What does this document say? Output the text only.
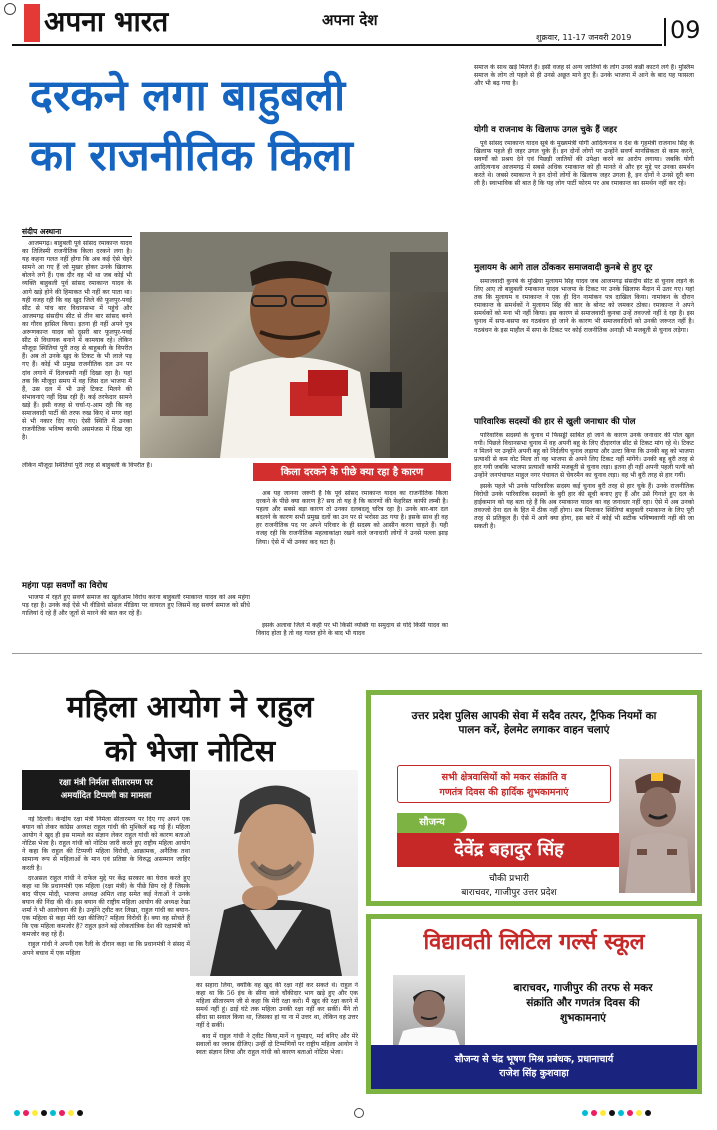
अपना भारत	अपना देश
शुक्रवार, 11-17 जनवरी 2019 09
दरकने लगा बाहुबली
का राजनीतिक किला
संदीप अस्थाना

आजमगढ़। बाहुबली पूर्व सांसद रमाकान्त यादव का तिलिस्मी राजनीतिक किला दरकने लगा है। यह कहना गलत नहीं होगा कि अब कई ऐसे चेहरे सामने आ गए हैं जो मुखर होकर उनके खिलाफ बोलने लगे हैं। एक दौर वह भी था जब कोई भी व्यक्ति बाहुबली पूर्व सांसद रमाकान्त यादव के आगे खड़े होने की हिमाकत भी नहीं कर पाता था। यही वजह रही कि वह खुद जिले की फूलपुर-पवई सीट से पांच बार विधानसभा में पहुंचे और आजमगढ़ संसदीय सीट से तीन बार सांसद बनने का गौरव हासिल किया। इतना ही नहीं अपने पुत्र अरूणकान्त यादव को दूसरी बार फूलपुर-पवई सीट से विधायक बनाने में कामयाब रहे। लेकिन मौजूदा स्थितियां पूरी तरह से बाहुबली के विपरीत हैं। अब तो उनके खुद के टिकट के भी लाले पड़ गए हैं। कोई भी प्रमुख राजनीतिक दल उन पर दांव लगाने में दिलचस्पी नहीं दिखा रहा है। यहां तक कि मौजूदा समय में वह जिस दल भाजपा में हैं, उस दल में भी उन्हें टिकट मिलने की संभावनाएं नहीं दिख रही हैं। कई तरफेदार सामने खड़े हैं। इसी वजह से चर्चा-ए-आम रही कि वह समाजवादी पार्टी की तरफ रुख किए थे मगर वहां से भी नकार दिए गए। ऐसी स्थिति में उनका राजनीतिक भविष्य काफी असमंजस में दिख रहा है।

लेकिन मौजूदा स्थितियां पूरी तरह से बाहुबली के विपरीत हैं।

किला दरकने के पीछे क्या रहा है कारण

अब यह जानना जरूरी है कि पूर्व सांसद रमाकान्त यादव का राजनीतिक किला दरकने के पीछे क्या कारण है? सच तो यह है कि कारणों की फेहरिस्त काफी लम्बी है। पहला और सबसे बड़ा कारण तो उनका दलबदलू चरित्र रहा है। उनके बार-बार दल बदलने के कारण सभी प्रमुख दलों का उन पर से भरोसा उठ गया है। इसके साथ ही वह हर राजनीतिक पद पर अपने परिवार के ही सदस्य को आसीन करना चाहते हैं। यही वजह रही कि राजनीतिक महत्वाकांक्षा रखने वाले जनाधारी लोगों ने उनसे पल्ला झाड़ लिया। ऐसे में भी उनका कद घटा है।

महंगा पड़ा सवर्णों का विरोध

भाजपा में रहते हुए सवर्ण समाज का खुलेआम विरोध करना बाहुबली रमाकान्त यादव को अब महंगा पड़ रहा है। उनके कई ऐसे भी वीडियो सोशल मीडिया पर वायरल हुए जिसमें वह सवर्ण समाज को सीधे गालियां दे रहे हैं और जूतों से मारने की बात कर रहे हैं।

इसके अलावा जिले में कहीं पर भी किसी व्यक्ति या समुदाय से यदि किसी यादव का विवाद होता है तो वह गलत होने के बाद भी यादव

समाज के साथ खड़े मिलते हैं। इसी वजह से अन्य जातियों के लोग उनसे कन्नी काटने लगे हैं। मुस्लिम समाज के लोग तो पहले से ही उनसे अछूत माने हुए हैं। उनके भाजपा में आने के बाद यह फासला और भी बढ़ गया है।

योगी व राजनाथ के खिलाफ उगल चुके हैं जहर

पूर्व सांसद रमाकान्त यादव सूबे के मुख्यमंत्री योगी आदित्यनाथ व देश के गृहमंत्री राजनाथ सिंह के खिलाफ पहले ही जहर उगल चुके हैं। इन दोनों लोगों पर उन्होंने सवर्ण मानसिकता से काम करने, सवर्णों को प्रश्रय देने एवं पिछड़ी जातियों की उपेक्षा करने का आरोप लगाया। जबकि योगी आदित्यनाथ आजमगढ़ में सबसे अधिक रमाकान्त को ही मानते थे और हर मुद्दे पर उनका समर्थन करते थे। जबसे रमाकान्त ने इन दोनों लोगों के खिलाफ जहर उगला है, इन दोनों ने उनसे दूरी बना ली है। स्वाभाविक सी बात है कि यह लोग पार्टी फोरम पर अब रमाकान्त का समर्थन नहीं कर रहे।

मुलायम के आगे ताल ठोंककर समाजवादी कुनबे से हुए दूर

समाजवादी कुनबे के मुखिया मुलायम सिंह यादव जब आजमगढ़ संसदीय सीट से चुनाव लड़ने के लिए आए तो बाहुबली रमाकान्त यादव भाजपा के टिकट पर उनके खिलाफ मैदान में उतर गए। यहां तक कि मुलायम व रमाकान्त ने एक ही दिन नामांकन पत्र दाखिल किया। नामांकन के दौरान रमाकान्त के समर्थकों ने मुलायम सिंह की कार के बोनट को जमकर ठोका। रमाकान्त ने अपने समर्थकों को मना भी नहीं किया। इस कारण से समाजवादी कुनबा उन्हें तवज्जो नहीं दे रहा है। इस चुनाव में सपा-बसपा का गठबंधन हो जाने के कारण भी समाजवादियों को उनकी जरूरत नहीं है। गठबंधन के इस माहौल में सपा के टिकट पर कोई राजनीतिक अनाड़ी भी मजबूती से चुनाव लड़ेगा।

पारिवारिक सदस्यों की हार से खुली जनाधार की पोल

पारिवारिक सदस्यों के चुनाव में फिसड्डी साबित हो जाने के कारण उनके जनाधार की पोल खुल गयी। पिछले विधानसभा चुनाव में वह अपनी बहू के लिए दीदारगंज सीट से टिकट मांग रहे थे। टिकट न मिलने पर उन्होंने अपनी बहू को निर्दलीय चुनाव लड़ाया और उल्टा किया कि उनकी बहू को भाजपा प्रत्याशी से कम वोट मिला तो वह भाजपा से अपने लिए टिकट नहीं मांगेंगे। उनकी बहू बुरी तरह से हार गयी जबकि भाजपा प्रत्याशी काफी मजबूती से चुनाव लड़ा। इतना ही नहीं अपनी पहली पत्नी को उन्होंने जनपंचायत माहुल नगर पंचायत से चेयरमैन का चुनाव लड़ा। वह भी बुरी तरह से हार गयीं।

इसके पहले भी उनके पारिवारिक सदस्य कई चुनाव बुरी तरह से हार चुके हैं। उनके राजनीतिक विरोधी उनके पारिवारिक सदस्यों के बुरी हार की सूची बनाए हुए हैं और उसे गिनाते हुए दल के हाईकमान को यह बता रहे हैं कि अब रमाकान्त यादव का वह जनाधार नहीं रहा। ऐसे में अब उनको तवज्जो देना दल के हित में ठीक नहीं होगा। सब मिलाकर स्थितियां बाहुबली रमाकान्त के लिए पूरी तरह से प्रतिकूल हैं। ऐसे में आगे क्या होगा, इस बारे में कोई भी सटीक भविष्यवाणी नहीं की जा सकती है।

महिला आयोग ने राहुल
को भेजा नोटिस
रक्षा मंत्री निर्मला सीतारमण पर
अमर्यादित टिप्पणी का मामला

नई दिल्ली। केन्द्रीय रक्षा मंत्री निर्मला सीतारमण पर दिए गए अपने एक बयान को लेकर कांग्रेस अध्यक्ष राहुल गांधी की मुश्किलें बढ़ गई हैं। महिला आयोग ने खुद ही इस मामले का संज्ञान लेकर राहुल गांधी को कारण बताओ नोटिस भेजा है। राहुल गांधी को नोटिस जारी करते हुए राष्ट्रीय महिला आयोग ने कहा कि राहुल की टिप्पणी महिला विरोधी, आक्रामक, अनैतिक तथा सामान्य रूप से महिलाओं के मान एवं प्रतिष्ठा के विरुद्ध असम्मान जाहिर करती है।

दरअसल राहुल गांधी ने राफेल मुद्दे पर केंद्र सरकार का घेराव करते हुए कहा था कि प्रधानमंत्री एक महिला (रक्षा मंत्री) के पीछे छिप रहे हैं जिसके बाद पीएम मोदी, भाजपा अध्यक्ष अमित शाह समेत कई नेताओं ने उनके बयान की निंदा की थी। इस बयान की राष्ट्रीय महिला आयोग की अध्यक्ष रेखा शर्मा ने भी आलोचना की है। उन्होंने ट्वीट कर लिखा, राहुल गांधी का बयान- एक महिला से कहा मेरी रक्षा कीजिए? महिला विरोधी है। क्या वह सोचते हैं कि एक महिला कमजोर है? राहुल इतने बड़े लोकतांत्रिक देश की रक्षामंत्री को कमजोर कह रहे हैं।

राहुल गांधी ने अपनी एक रैली के दौरान कहा था कि प्रधानमंत्री ने संसद में अपने बचाव में एक महिला

का सहारा लिया, क्योंकि वह खुद की रक्षा नहीं कर सकते थे। राहुल ने कहा था कि 56 इंच के सीना वाले चौकीदार भाग खड़े हुए और एक महिला सीतारमण जी से कहा कि मेरी रक्षा करो। मैं खुद की रक्षा करने में समर्थ नहीं हूं। ढाई घंटे तक महिला उनकी रक्षा नहीं कर सकीं। मैंने तो सीधा सा सवाल किया था, जिसका हां या ना में उत्तर था, लेकिन वह उत्तर नहीं दे सकीं।

बाद में राहुल गांधी ने ट्वीट किया,मार्ने न घुमाइए, मर्द बनिए और मेरे सवालों का जवाब दीजिए। उन्हीं दो टिप्पणियों पर राष्ट्रीय महिला आयोग ने स्वतः संज्ञान लिया और राहुल गांधी को कारण बताओ नोटिस भेजा।

उत्तर प्रदेश पुलिस आपकी सेवा में सदैव तत्पर, ट्रैफिक नियमों का
पालन करें, हेलमेट लगाकर वाहन चलाएं
सभी क्षेत्रवासियों को मकर संक्रांति व
गणतंत्र दिवस की हार्दिक शुभकामनाएं
सौजन्य
देवेंद्र बहादुर सिंह
चौकी प्रभारी
बाराचवर, गाजीपुर उत्तर प्रदेश
विद्यावती लिटिल गर्ल्स स्कूल
बाराचवर, गाजीपुर की तरफ से मकर
संक्रांति और गणतंत्र दिवस की
शुभकामनाएं
सौजन्य से चंद्र भूषण मिश्र प्रबंधक, प्रधानाचार्य
राजेश सिंह कुशवाहा
